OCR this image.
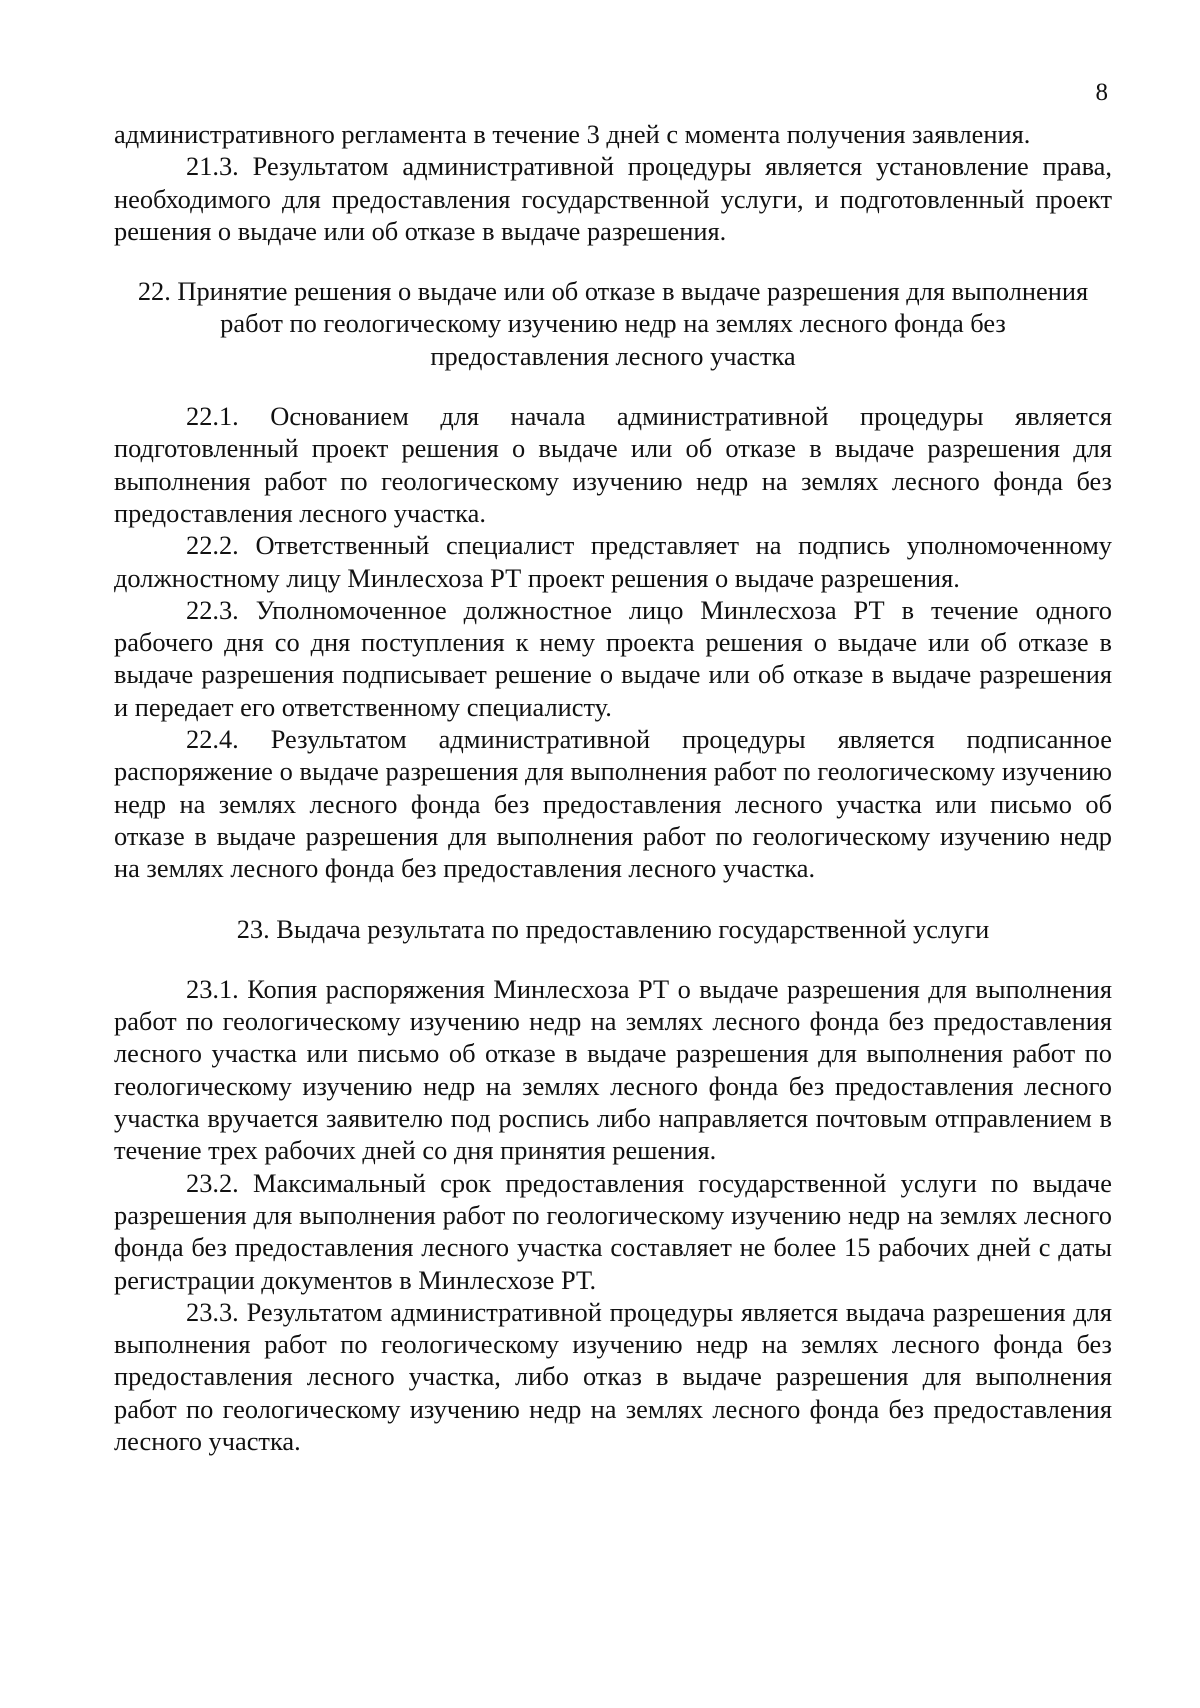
8

административного регламента в течение 3 дней с момента получения заявления.

21.3. Результатом административной процедуры является установление права, необходимого для предоставления государственной услуги, и подготовленный проект решения о выдаче или об отказе в выдаче разрешения.

22. Принятие решения о выдаче или об отказе в выдаче разрешения для выполнения работ по геологическому изучению недр на землях лесного фонда без предоставления лесного участка

22.1. Основанием для начала административной процедуры является подготовленный проект решения о выдаче или об отказе в выдаче разрешения для выполнения работ по геологическому изучению недр на землях лесного фонда без предоставления лесного участка.

22.2. Ответственный специалист представляет на подпись уполномоченному должностному лицу Минлесхоза РТ проект решения о выдаче разрешения.

22.3. Уполномоченное должностное лицо Минлесхоза РТ в течение одного рабочего дня со дня поступления к нему проекта решения о выдаче или об отказе в выдаче разрешения подписывает решение о выдаче или об отказе в выдаче разрешения и передает его ответственному специалисту.

22.4. Результатом административной процедуры является подписанное распоряжение о выдаче разрешения для выполнения работ по геологическому изучению недр на землях лесного фонда без предоставления лесного участка или письмо об отказе в выдаче разрешения для выполнения работ по геологическому изучению недр на землях лесного фонда без предоставления лесного участка.

23. Выдача результата по предоставлению государственной услуги

23.1. Копия распоряжения Минлесхоза РТ о выдаче разрешения для выполнения работ по геологическому изучению недр на землях лесного фонда без предоставления лесного участка или письмо об отказе в выдаче разрешения для выполнения работ по геологическому изучению недр на землях лесного фонда без предоставления лесного участка вручается заявителю под роспись либо направляется почтовым отправлением в течение трех рабочих дней со дня принятия решения.

23.2. Максимальный срок предоставления государственной услуги по выдаче разрешения для выполнения работ по геологическому изучению недр на землях лесного фонда без предоставления лесного участка составляет не более 15 рабочих дней с даты регистрации документов в Минлесхозе РТ.

23.3. Результатом административной процедуры является выдача разрешения для выполнения работ по геологическому изучению недр на землях лесного фонда без предоставления лесного участка, либо отказ в выдаче разрешения для выполнения работ по геологическому изучению недр на землях лесного фонда без предоставления лесного участка.
